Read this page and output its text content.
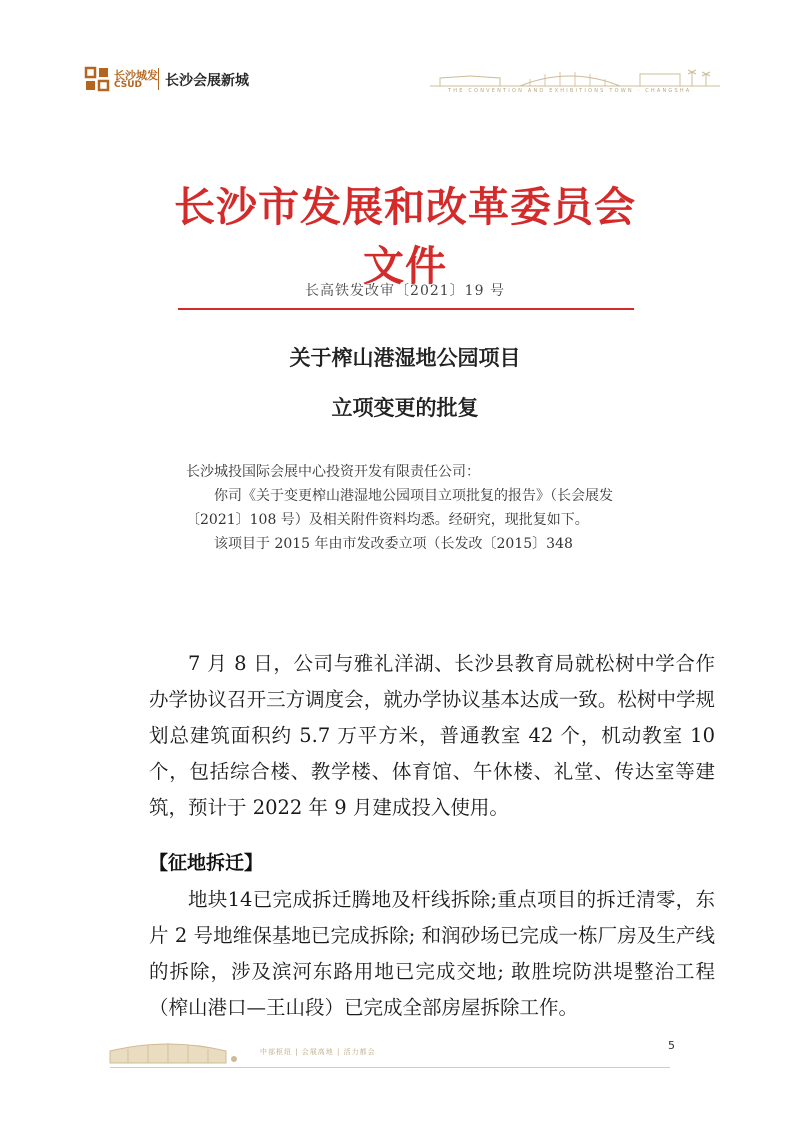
长沙城发
CSUD 长沙会展新城
THE CONVENTION AND EXHIBITIONS TOWN · CHANGSHA
长沙市发展和改革委员会文件
长高铁发改审〔2021〕19 号
关于榨山港湿地公园项目
立项变更的批复

长沙城投国际会展中心投资开发有限责任公司：

你司《关于变更榨山港湿地公园项目立项批复的报告》（长会展发〔2021〕108 号）及相关附件资料均悉。经研究，现批复如下。

该项目于 2015 年由市发改委立项（长发改〔2015〕348

7 月 8 日，公司与雅礼洋湖、长沙县教育局就松树中学合作办学协议召开三方调度会，就办学协议基本达成一致。松树中学规划总建筑面积约 5.7 万平方米，普通教室 42 个，机动教室 10 个，包括综合楼、教学楼、体育馆、午休楼、礼堂、传达室等建筑，预计于 2022 年 9 月建成投入使用。

【征地拆迁】

地块14已完成拆迁腾地及杆线拆除;重点项目的拆迁清零，东片 2 号地维保基地已完成拆除; 和润砂场已完成一栋厂房及生产线的拆除，涉及滨河东路用地已完成交地; 敢胜垸防洪堤整治工程（榨山港口—王山段）已完成全部房屋拆除工作。

中部枢纽 | 会展高地 | 活力都会	5
